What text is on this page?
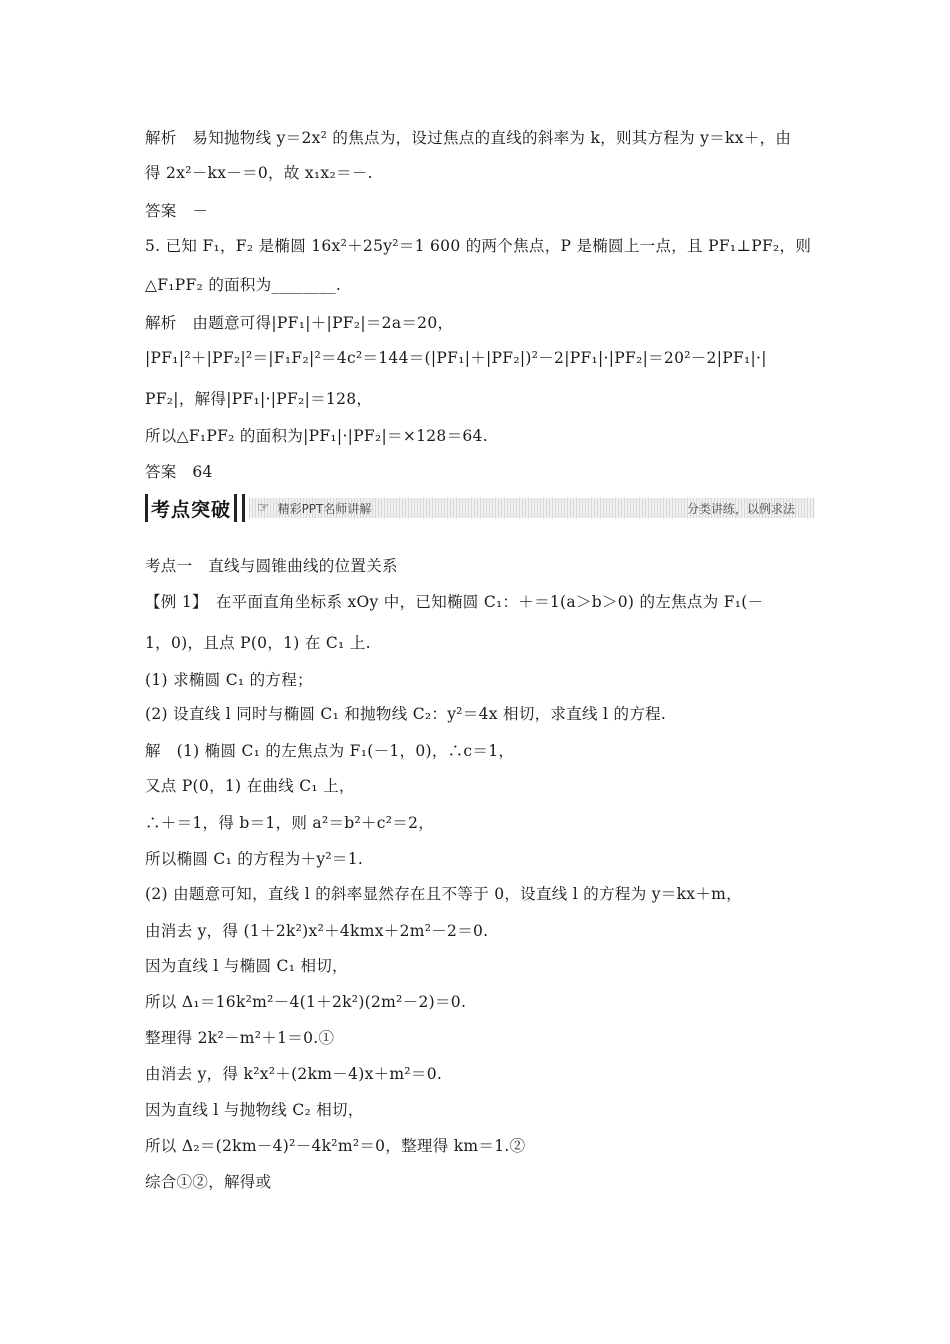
解析　易知抛物线 y＝2x² 的焦点为，设过焦点的直线的斜率为 k，则其方程为 y＝kx＋，由
得 2x²－kx－＝0，故 x₁x₂＝－.
答案　－
5. 已知 F₁，F₂ 是椭圆 16x²＋25y²＝1 600 的两个焦点，P 是椭圆上一点，且 PF₁⊥PF₂，则
△F₁PF₂ 的面积为________.
解析　由题意可得|PF₁|＋|PF₂|＝2a＝20，
|PF₁|²＋|PF₂|²＝|F₁F₂|²＝4c²＝144＝(|PF₁|＋|PF₂|)²－2|PF₁|·|PF₂|＝20²－2|PF₁|·|
PF₂|，解得|PF₁|·|PF₂|＝128，
所以△F₁PF₂ 的面积为|PF₁|·|PF₂|＝×128＝64.
答案　64
考点一　直线与圆锥曲线的位置关系
【例 1】　在平面直角坐标系 xOy 中，已知椭圆 C₁：＋＝1(a＞b＞0) 的左焦点为 F₁(－
1，0)，且点 P(0，1) 在 C₁ 上.
(1) 求椭圆 C₁ 的方程；
(2) 设直线 l 同时与椭圆 C₁ 和抛物线 C₂：y²＝4x 相切，求直线 l 的方程.
解　(1) 椭圆 C₁ 的左焦点为 F₁(－1，0)，∴c＝1，
又点 P(0，1) 在曲线 C₁ 上，
∴＋＝1，得 b＝1，则 a²＝b²＋c²＝2，
所以椭圆 C₁ 的方程为＋y²＝1.
(2) 由题意可知，直线 l 的斜率显然存在且不等于 0，设直线 l 的方程为 y＝kx＋m，
由消去 y，得 (1＋2k²)x²＋4kmx＋2m²－2＝0.
因为直线 l 与椭圆 C₁ 相切，
所以 Δ₁＝16k²m²－4(1＋2k²)(2m²－2)＝0.
整理得 2k²－m²＋1＝0.①
由消去 y，得 k²x²＋(2km－4)x＋m²＝0.
因为直线 l 与抛物线 C₂ 相切，
所以 Δ₂＝(2km－4)²－4k²m²＝0，整理得 km＝1.②
综合①②，解得或
考点突破	☞ 精彩PPT名师讲解	分类讲练，以例求法
